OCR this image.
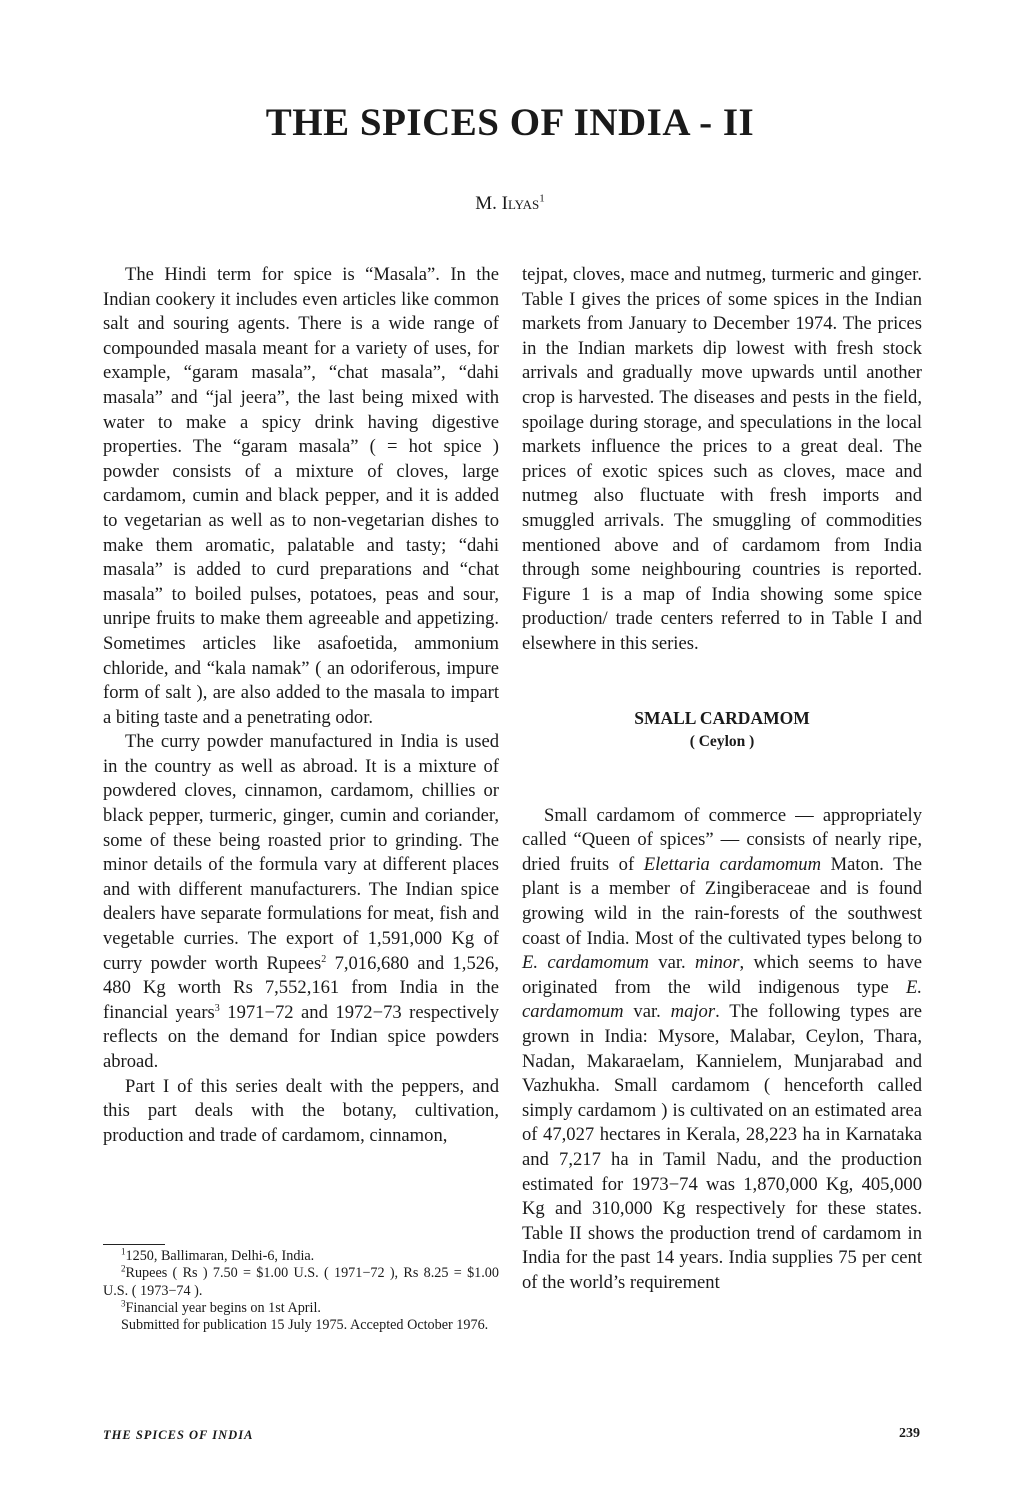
THE SPICES OF INDIA - II
M. Ilyas$^1$

The Hindi term for spice is “Masala”. In the Indian cookery it includes even articles like common salt and souring agents. There is a wide range of compounded masala meant for a variety of uses, for example, “garam masala”, “chat masala”, “dahi masala” and “jal jeera”, the last being mixed with water to make a spicy drink having digestive properties. The “garam masala” ( = hot spice ) powder consists of a mixture of cloves, large cardamom, cumin and black pepper, and it is added to vegetarian as well as to non-vegetarian dishes to make them aromatic, palatable and tasty; “dahi masala” is added to curd preparations and “chat masala” to boiled pulses, potatoes, peas and sour, unripe fruits to make them agreeable and appetizing. Sometimes articles like asafoetida, ammonium chloride, and “kala namak” ( an odoriferous, impure form of salt ), are also added to the masala to impart a biting taste and a penetrating odor.

The curry powder manufactured in India is used in the country as well as abroad. It is a mixture of powdered cloves, cinnamon, cardamom, chillies or black pepper, turmeric, ginger, cumin and coriander, some of these being roasted prior to grinding. The minor details of the formula vary at different places and with different manufacturers. The Indian spice dealers have separate formulations for meat, fish and vegetable curries. The export of 1,591,000 Kg of curry powder worth Rupees$^2$ 7,016,680 and 1,526, 480 Kg worth Rs 7,552,161 from India in the financial years$^3$ 1971−72 and 1972−73 respectively reflects on the demand for Indian spice powders abroad.

Part I of this series dealt with the peppers, and this part deals with the botany, cultivation, production and trade of cardamom, cinnamon,

$^1$1250, Ballimaran, Delhi-6, India.

$^2$Rupees ( Rs ) 7.50 = $1.00 U.S. ( 1971−72 ), Rs 8.25 = $1.00 U.S. ( 1973−74 ).

$^3$Financial year begins on 1st April.

Submitted for publication 15 July 1975. Accepted October 1976.

tejpat, cloves, mace and nutmeg, turmeric and ginger. Table I gives the prices of some spices in the Indian markets from January to December 1974. The prices in the Indian markets dip lowest with fresh stock arrivals and gradually move upwards until another crop is harvested. The diseases and pests in the field, spoilage during storage, and speculations in the local markets influence the prices to a great deal. The prices of exotic spices such as cloves, mace and nutmeg also fluctuate with fresh imports and smuggled arrivals. The smuggling of commodities mentioned above and of cardamom from India through some neighbouring countries is reported. Figure 1 is a map of India showing some spice production/ trade centers referred to in Table I and elsewhere in this series.

SMALL CARDAMOM

( Ceylon )

Small cardamom of commerce — appropriately called “Queen of spices” — consists of nearly ripe, dried fruits of Elettaria cardamomum Maton. The plant is a member of Zingiberaceae and is found growing wild in the rain-forests of the southwest coast of India. Most of the cultivated types belong to E. cardamomum var. minor, which seems to have originated from the wild indigenous type E. cardamomum var. major. The following types are grown in India: Mysore, Malabar, Ceylon, Thara, Nadan, Makaraelam, Kannielem, Munjarabad and Vazhukha. Small cardamom ( henceforth called simply cardamom ) is cultivated on an estimated area of 47,027 hectares in Kerala, 28,223 ha in Karnataka and 7,217 ha in Tamil Nadu, and the production estimated for 1973−74 was 1,870,000 Kg, 405,000 Kg and 310,000 Kg respectively for these states. Table II shows the production trend of cardamom in India for the past 14 years. India supplies 75 per cent of the world’s requirement

THE SPICES OF INDIA	239
